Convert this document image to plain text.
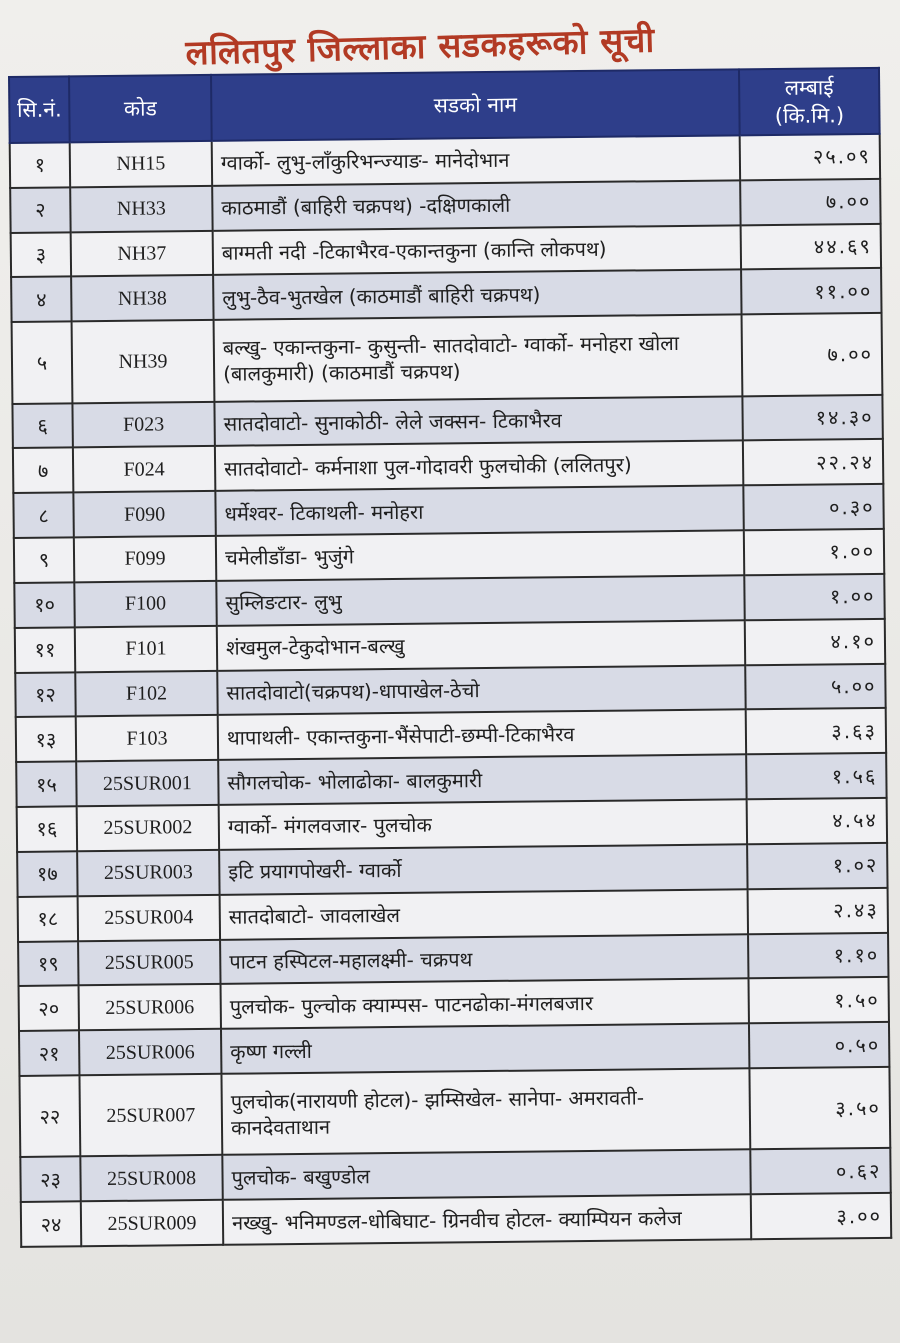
ललितपुर जिल्लाका सडकहरूको सूची
सि.नं.	कोड	सडको नाम	लम्बाई
(कि.मि.)

१	NH15	ग्वार्को- लुभु-लाँकुरिभन्ज्याङ- मानेदोभान	२५.०९
२	NH33	काठमाडौं (बाहिरी चक्रपथ) -दक्षिणकाली	७.००
३	NH37	बाग्मती नदी -टिकाभैरव-एकान्तकुना (कान्ति लोकपथ)	४४.६९
४	NH38	लुभु-ठैव-भुतखेल (काठमाडौं बाहिरी चक्रपथ)	११.००
५	NH39	बल्खु- एकान्तकुना- कुसुन्ती- सातदोवाटो- ग्वार्को- मनोहरा खोला (बालकुमारी) (काठमाडौं चक्रपथ)	७.००
६	F023	सातदोवाटो- सुनाकोठी- लेले जक्सन- टिकाभैरव	१४.३०
७	F024	सातदोवाटो- कर्मनाशा पुल-गोदावरी फुलचोकी (ललितपुर)	२२.२४
८	F090	धर्मेश्वर- टिकाथली- मनोहरा	०.३०
९	F099	चमेलीडाँडा- भुजुंगे	१.००
१०	F100	सुम्लिङटार- लुभु	१.००
११	F101	शंखमुल-टेकुदोभान-बल्खु	४.१०
१२	F102	सातदोवाटो(चक्रपथ)-धापाखेल-ठेचो	५.००
१३	F103	थापाथली- एकान्तकुना-भैंसेपाटी-छम्पी-टिकाभैरव	३.६३
१५	25SUR001	सौगलचोक- भोलाढोका- बालकुमारी	१.५६
१६	25SUR002	ग्वार्को- मंगलवजार- पुलचोक	४.५४
१७	25SUR003	इटि प्रयागपोखरी- ग्वार्को	१.०२
१८	25SUR004	सातदोबाटो- जावलाखेल	२.४३
१९	25SUR005	पाटन हस्पिटल-महालक्ष्मी- चक्रपथ	१.१०
२०	25SUR006	पुलचोक- पुल्चोक क्याम्पस- पाटनढोका-मंगलबजार	१.५०
२१	25SUR006	कृष्ण गल्ली	०.५०
२२	25SUR007	पुलचोक(नारायणी होटल)- झम्सिखेल- सानेपा- अमरावती- कानदेवताथान	३.५०
२३	25SUR008	पुलचोक- बखुण्डोल	०.६२
२४	25SUR009	नख्खु- भनिमण्डल-धोबिघाट- ग्रिनवीच होटल- क्याम्पियन कलेज	३.००
